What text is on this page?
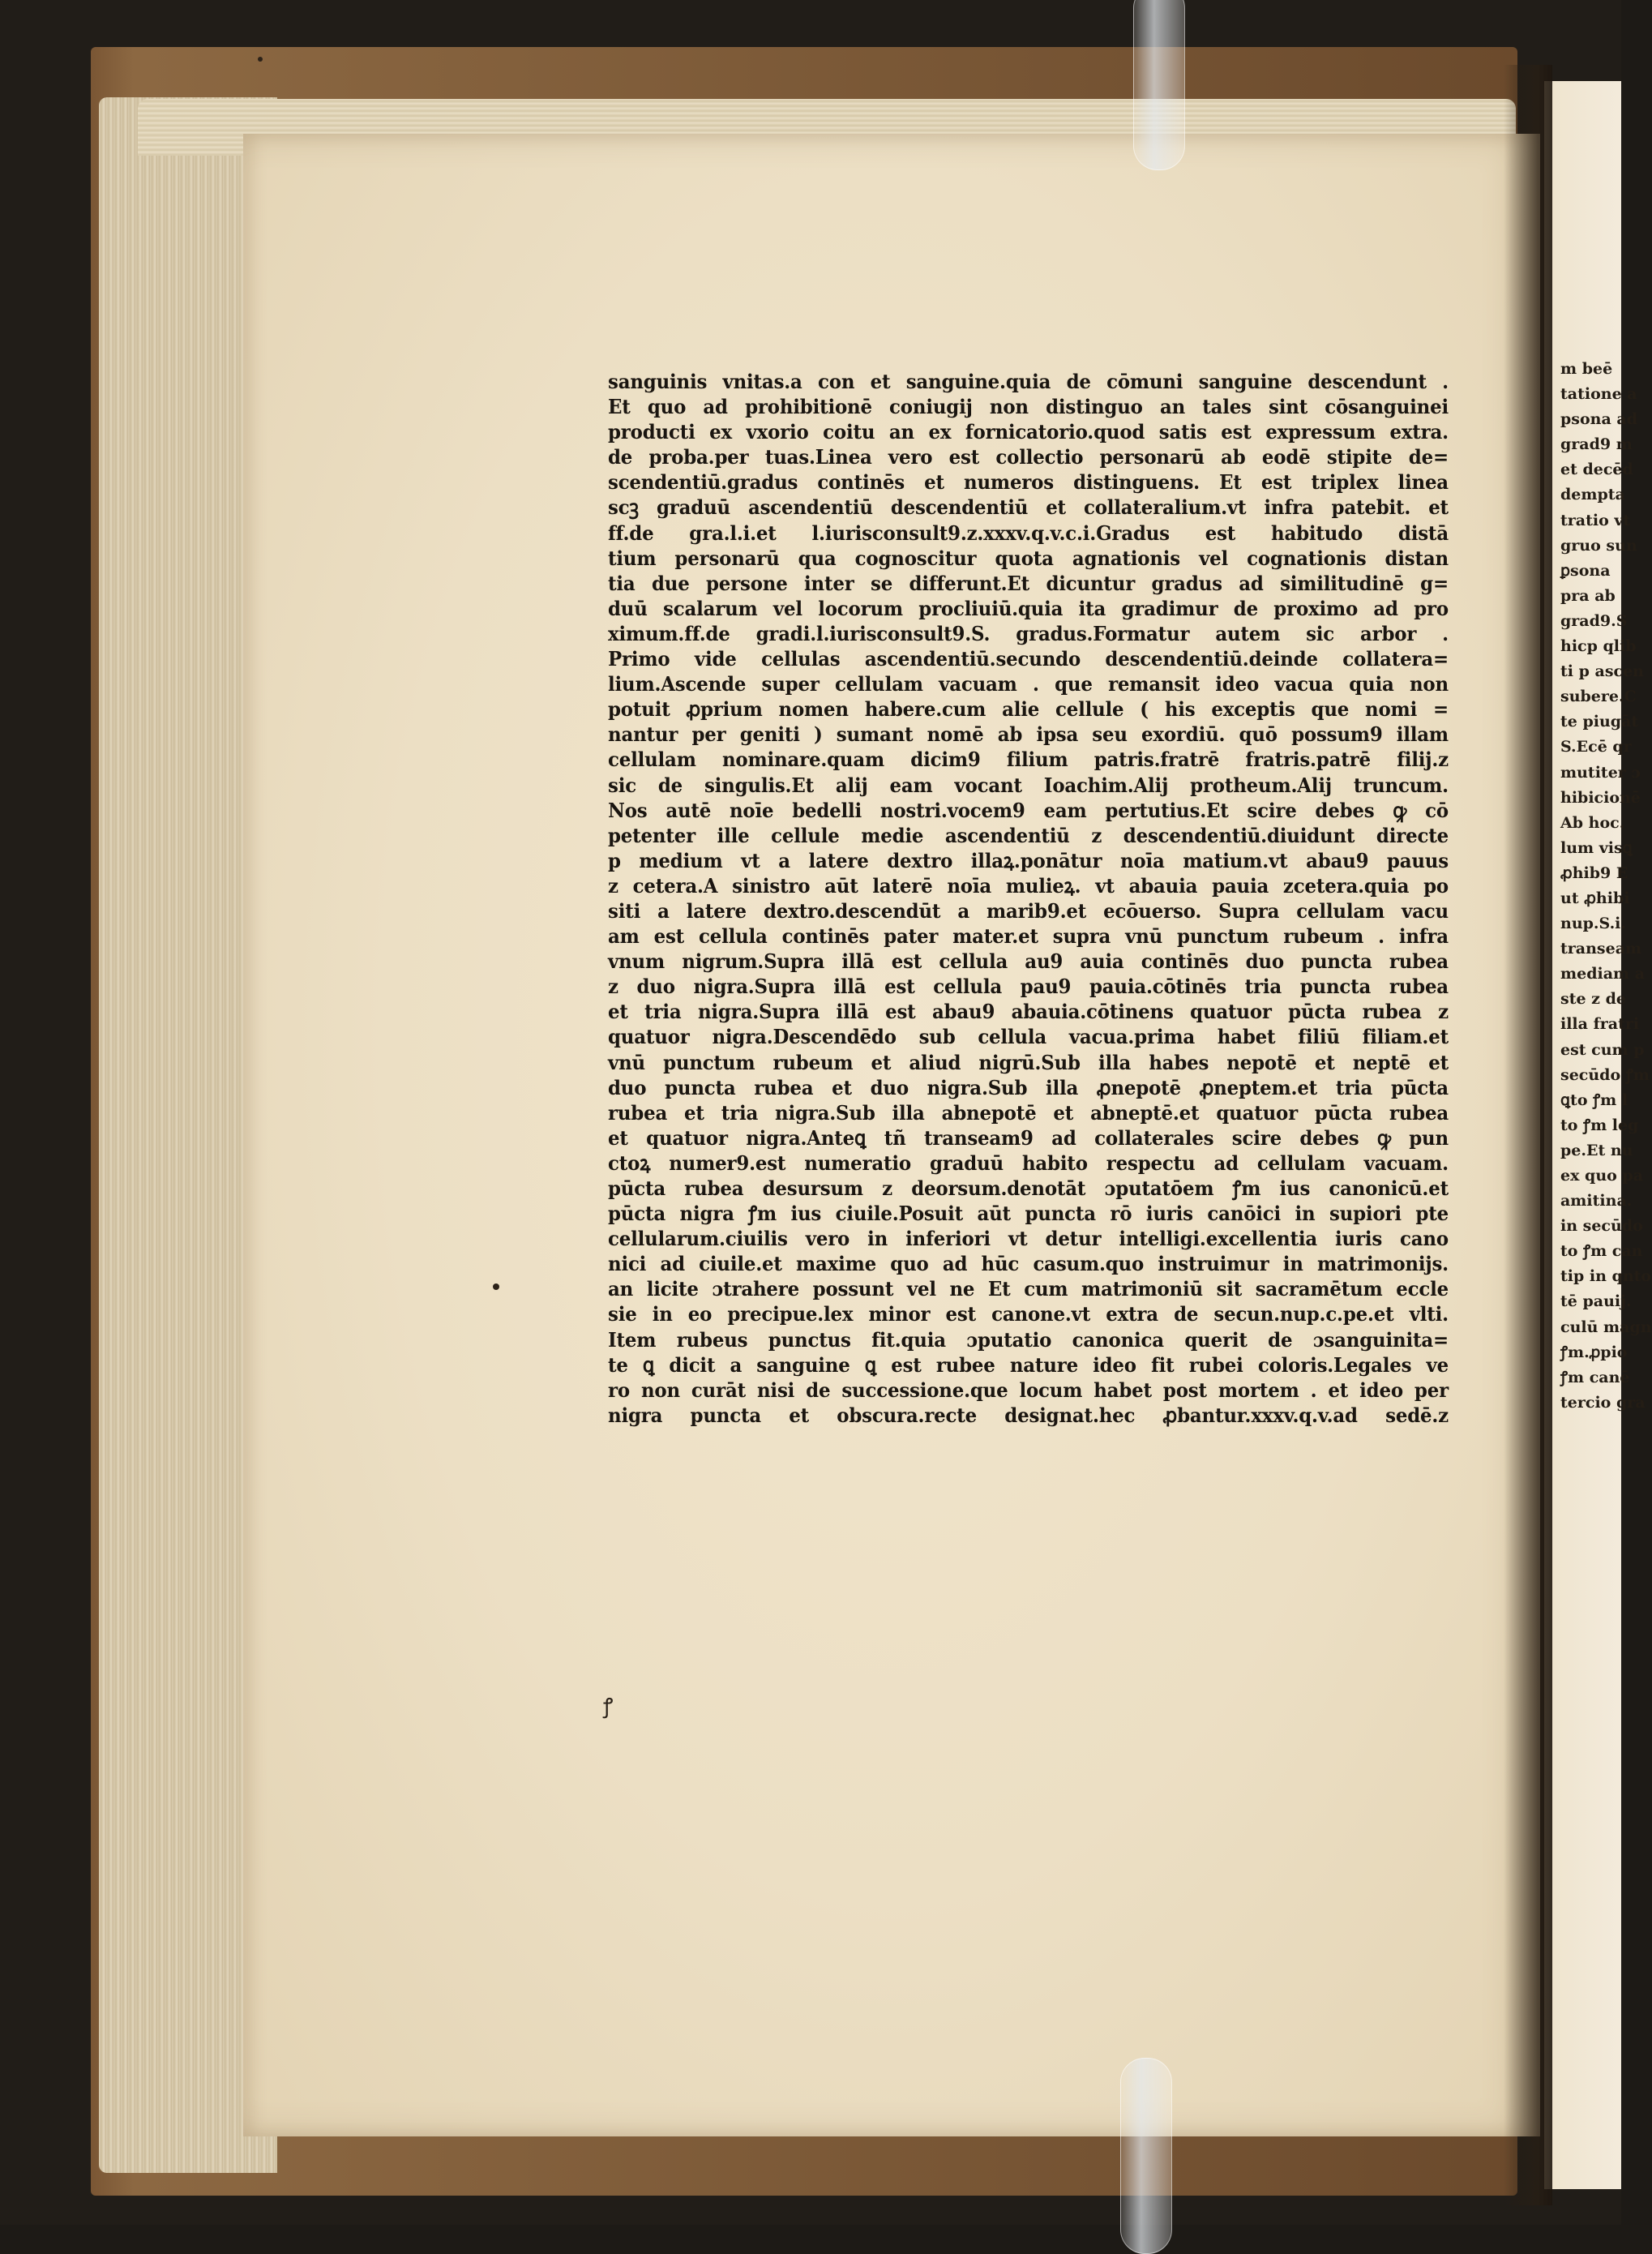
sanguinis vnitas.a con et sanguine.quia de cōmuni sanguine descendunt .
Et quo ad prohibitionē coniugij non distinguo an tales sint cōsanguinei
producti ex vxorio coitu an ex fornicatorio.quod satis est expressum extra.
de proba.per tuas.Linea vero est collectio personarū ab eodē stipite de=
scendentiū.gradus continēs et numeros distinguens. Et est triplex linea
scꝫ graduū ascendentiū descendentiū et collateralium.vt infra patebit. et
ff.de gra.l.i.et l.iurisconsult9.z.xxxv.q.v.c.i.Gradus est habitudo distā
tium personarū qua cognoscitur quota agnationis vel cognationis distan
tia due persone inter se differunt.Et dicuntur gradus ad similitudinē g=
duū scalarum vel locorum procliuiū.quia ita gradimur de proximo ad pro
ximum.ff.de gradi.l.iurisconsult9.S. gradus.Formatur autem sic arbor .
Primo vide cellulas ascendentiū.secundo descendentiū.deinde collatera=
lium.Ascende super cellulam vacuam . que remansit ideo vacua quia non
potuit ꝓprium nomen habere.cum alie cellule ( his exceptis que nomi =
nantur per geniti ) sumant nomē ab ipsa seu exordiū. quō possum9 illam
cellulam nominare.quam dicim9 filium patris.fratrē fratris.patrē filij.z
sic de singulis.Et alij eam vocant Ioachim.Alij protheum.Alij truncum.
Nos autē noīe bedelli nostri.vocem9 eam pertutius.Et scire debes ꝙ cō
petenter ille cellule medie ascendentiū z descendentiū.diuidunt directe
p medium vt a latere dextro illaꝝ.ponātur noīa matium.vt abau9 pauus
z cetera.A sinistro aūt laterē noīa mulieꝝ. vt abauia pauia zcetera.quia po
siti a latere dextro.descendūt a marib9.et ecōuerso. Supra cellulam vacu
am est cellula continēs pater mater.et supra vnū punctum rubeum . infra
vnum nigrum.Supra illā est cellula au9 auia continēs duo puncta rubea
z duo nigra.Supra illā est cellula pau9 pauia.cōtinēs tria puncta rubea
et tria nigra.Supra illā est abau9 abauia.cōtinens quatuor pūcta rubea z
quatuor nigra.Descendēdo sub cellula vacua.prima habet filiū filiam.et
vnū punctum rubeum et aliud nigrū.Sub illa habes nepotē et neptē et
duo puncta rubea et duo nigra.Sub illa ꝓnepotē ꝓneptem.et tria pūcta
rubea et tria nigra.Sub illa abnepotē et abneptē.et quatuor pūcta rubea
et quatuor nigra.Anteꝗ tñ transeam9 ad collaterales scire debes ꝙ pun
ctoꝝ numer9.est numeratio graduū habito respectu ad cellulam vacuam.
pūcta rubea desursum z deorsum.denotāt ɔputatōem ꝭm ius canonicū.et
pūcta nigra ꝭm ius ciuile.Posuit aūt puncta rō iuris canōici in supiori pte
cellularum.ciuilis vero in inferiori vt detur intelligi.excellentia iuris cano
nici ad ciuile.et maxime quo ad hūc casum.quo instruimur in matrimonijs.
an licite ɔtrahere possunt vel ne Et cum matrimoniū sit sacramētum eccle
sie in eo precipue.lex minor est canone.vt extra de secun.nup.c.pe.et vlti.
Item rubeus punctus fit.quia ɔputatio canonica querit de ɔsanguinita=
te ꝗ dicit a sanguine ꝗ est rubee nature ideo fit rubei coloris.Legales ve
ro non curāt nisi de successione.que locum habet post mortem . et ideo per
nigra puncta et obscura.recte designat.hec ꝓbantur.xxxv.q.v.ad sedē.z
m beē
tatione a
psona ad
grad9 m
et decēd
dempta
tratio vt
gruo sun
ꝑsona
pra ab
grad9.S
hicp qlib
ti p ascen
subere.C
te piugāt
S.Ecē qr
mutiter ɔ
hibicionē
Ab hoc.
lum visꝗ
ꝓhib9 E
ut ꝓhibi
nup.S.i.
transeam
mediam a
ste z de
illa fratri
est cum p
secūdo ꝭm
ꝗto ꝭm l
to ꝭm leg
pe.Et nu
ex quo pa
amitina.
in secūdo
to ꝭm can
tip in qnto
tē pauij.
culū magn
ꝭm.ꝓpio
ꝭm canē
tercio gra
ꝭ
